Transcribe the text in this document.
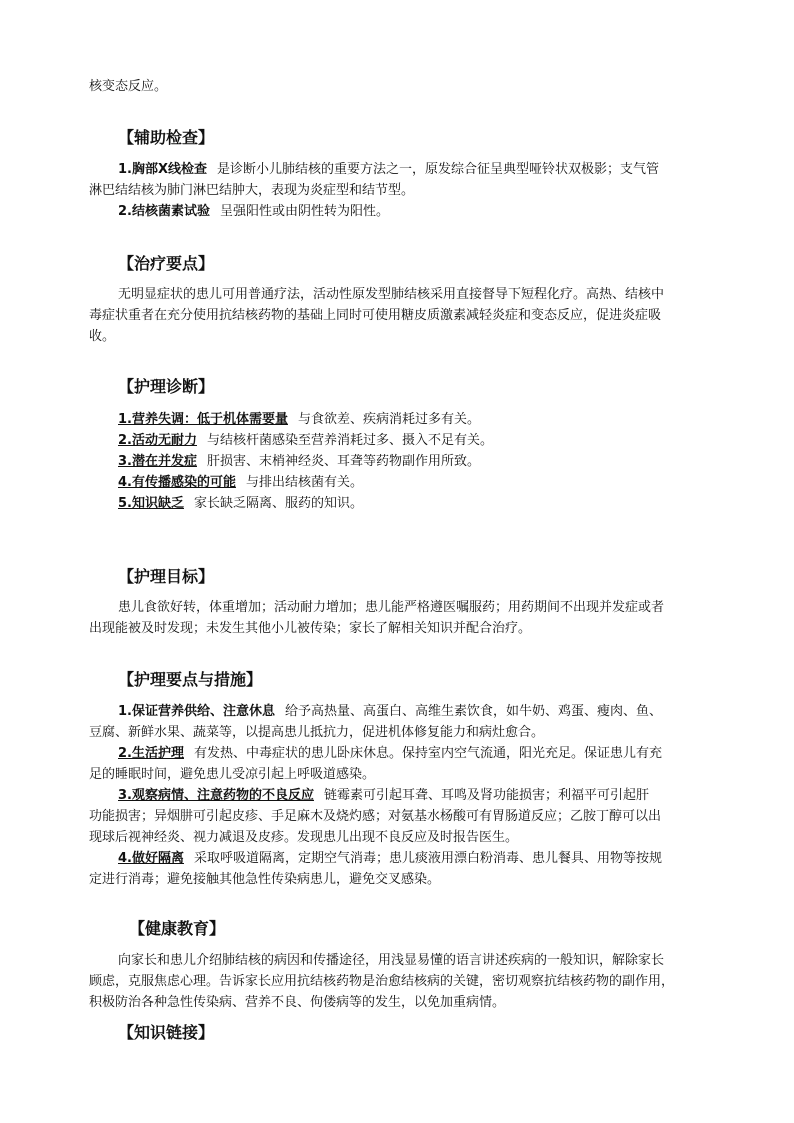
核变态反应。
【辅助检查】
1.胸部X线检查 是诊断小儿肺结核的重要方法之一，原发综合征呈典型哑铃状双极影；支气管
淋巴结结核为肺门淋巴结肿大，表现为炎症型和结节型。
2.结核菌素试验 呈强阳性或由阴性转为阳性。
【治疗要点】
无明显症状的患儿可用普通疗法，活动性原发型肺结核采用直接督导下短程化疗。高热、结核中
毒症状重者在充分使用抗结核药物的基础上同时可使用糖皮质激素减轻炎症和变态反应，促进炎症吸
收。
【护理诊断】
1.营养失调：低于机体需要量 与食欲差、疾病消耗过多有关。
2.活动无耐力 与结核杆菌感染至营养消耗过多、摄入不足有关。
3.潜在并发症 肝损害、末梢神经炎、耳聋等药物副作用所致。
4.有传播感染的可能 与排出结核菌有关。
5.知识缺乏 家长缺乏隔离、服药的知识。
【护理目标】
患儿食欲好转，体重增加；活动耐力增加；患儿能严格遵医嘱服药；用药期间不出现并发症或者
出现能被及时发现；未发生其他小儿被传染；家长了解相关知识并配合治疗。
【护理要点与措施】
1.保证营养供给、注意休息 给予高热量、高蛋白、高维生素饮食，如牛奶、鸡蛋、瘦肉、鱼、
豆腐、新鲜水果、蔬菜等，以提高患儿抵抗力，促进机体修复能力和病灶愈合。
2.生活护理 有发热、中毒症状的患儿卧床休息。保持室内空气流通，阳光充足。保证患儿有充
足的睡眠时间，避免患儿受凉引起上呼吸道感染。
3.观察病情、注意药物的不良反应 链霉素可引起耳聋、耳鸣及肾功能损害；利福平可引起肝
功能损害；异烟肼可引起皮疹、手足麻木及烧灼感；对氨基水杨酸可有胃肠道反应；乙胺丁醇可以出
现球后视神经炎、视力减退及皮疹。发现患儿出现不良反应及时报告医生。
4.做好隔离 采取呼吸道隔离，定期空气消毒；患儿痰液用漂白粉消毒、患儿餐具、用物等按规
定进行消毒；避免接触其他急性传染病患儿，避免交叉感染。
【健康教育】
向家长和患儿介绍肺结核的病因和传播途径，用浅显易懂的语言讲述疾病的一般知识，解除家长
顾虑，克服焦虑心理。告诉家长应用抗结核药物是治愈结核病的关键，密切观察抗结核药物的副作用，
积极防治各种急性传染病、营养不良、佝偻病等的发生，以免加重病情。
【知识链接】
